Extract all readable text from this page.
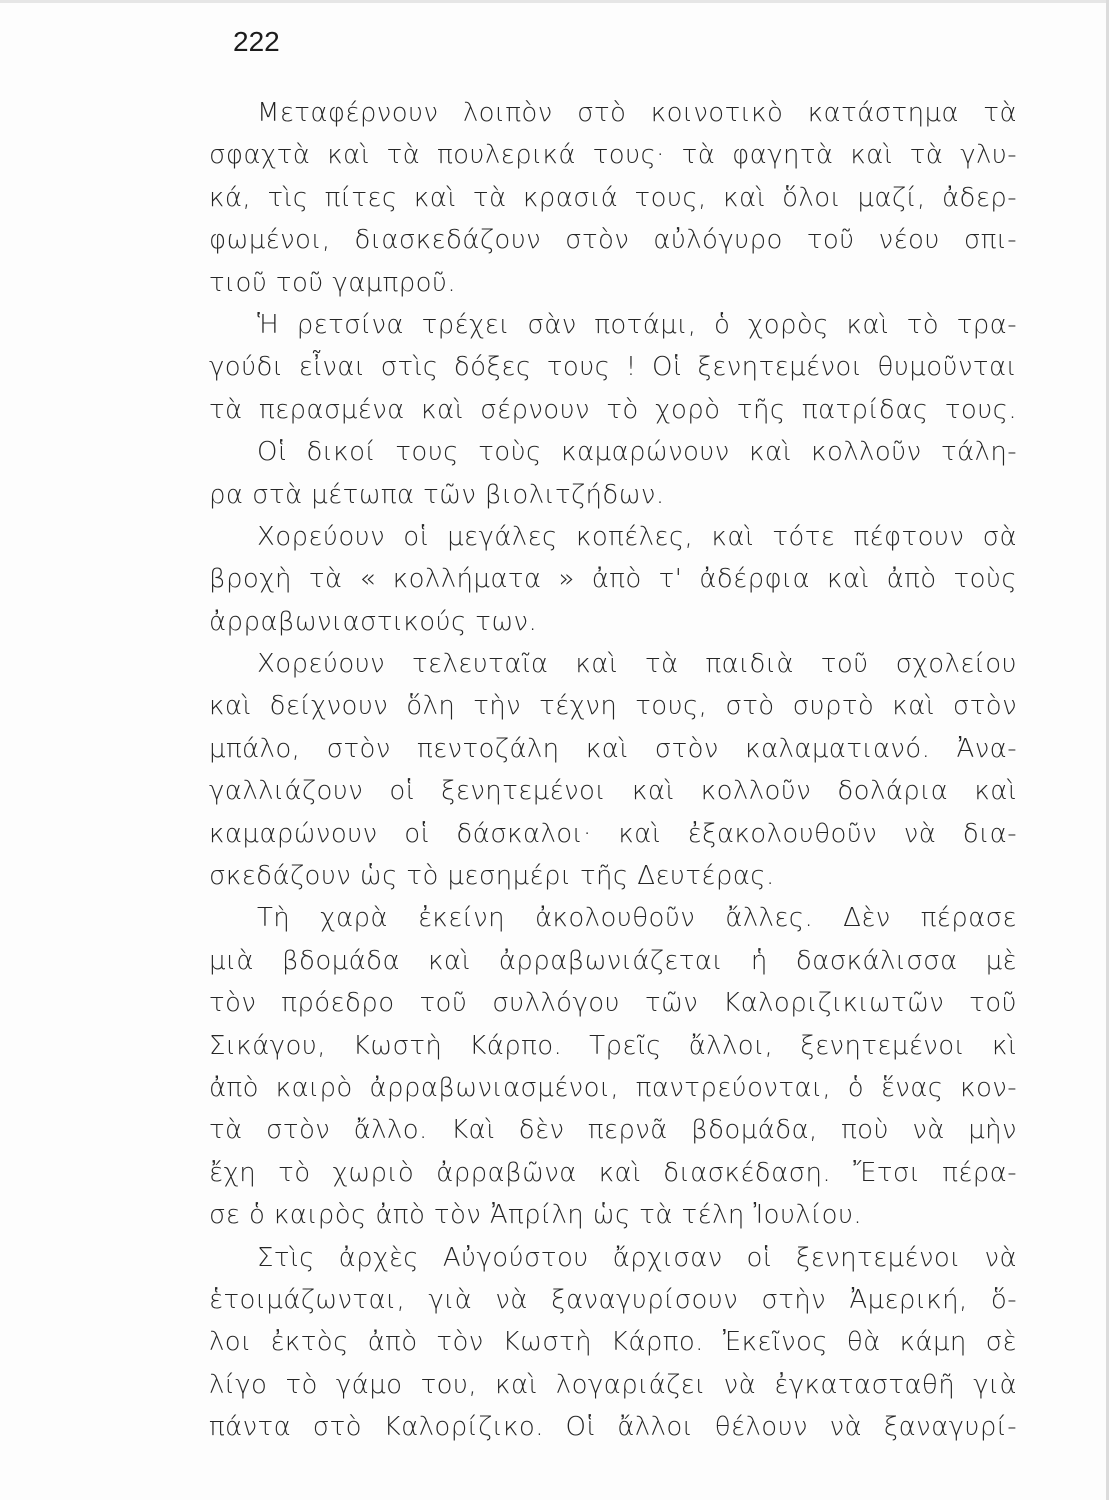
222
Μεταφέρνουν λοιπὸν στὸ κοινοτικὸ κατάστημα τὰ
σφαχτὰ καὶ τὰ πουλερικά τους· τὰ φαγητὰ καὶ τὰ γλυ-
κά, τὶς πίτες καὶ τὰ κρασιά τους, καὶ ὅλοι μαζί, ἀδερ-
φωμένοι, διασκεδάζουν στὸν αὐλόγυρο τοῦ νέου σπι-
τιοῦ τοῦ γαμπροῦ.
Ἡ ρετσίνα τρέχει σὰν ποτάμι, ὁ χορὸς καὶ τὸ τρα-
γούδι εἶναι στὶς δόξες τους ! Οἱ ξενητεμένοι θυμοῦνται
τὰ περασμένα καὶ σέρνουν τὸ χορὸ τῆς πατρίδας τους.
Οἱ δικοί τους τοὺς καμαρώνουν καὶ κολλοῦν τάλη-
ρα στὰ μέτωπα τῶν βιολιτζήδων.
Χορεύουν οἱ μεγάλες κοπέλες, καὶ τότε πέφτουν σὰ
βροχὴ τὰ « κολλήματα » ἀπὸ τ' ἀδέρφια καὶ ἀπὸ τοὺς
ἀρραβωνιαστικούς των.
Χορεύουν τελευταῖα καὶ τὰ παιδιὰ τοῦ σχολείου
καὶ δείχνουν ὅλη τὴν τέχνη τους, στὸ συρτὸ καὶ στὸν
μπάλο, στὸν πεντοζάλη καὶ στὸν καλαματιανό. Ἀνα-
γαλλιάζουν οἱ ξενητεμένοι καὶ κολλοῦν δολάρια καὶ
καμαρώνουν οἱ δάσκαλοι· καὶ ἐξακολουθοῦν νὰ δια-
σκεδάζουν ὡς τὸ μεσημέρι τῆς Δευτέρας.
Τὴ χαρὰ ἐκείνη ἀκολουθοῦν ἄλλες. Δὲν πέρασε
μιὰ βδομάδα καὶ ἀρραβωνιάζεται ἡ δασκάλισσα μὲ
τὸν πρόεδρο τοῦ συλλόγου τῶν Καλοριζικιωτῶν τοῦ
Σικάγου, Κωστὴ Κάρπο. Τρεῖς ἄλλοι, ξενητεμένοι κὶ
ἀπὸ καιρὸ ἀρραβωνιασμένοι, παντρεύονται, ὁ ἕνας κον-
τὰ στὸν ἄλλο. Καὶ δὲν περνᾶ βδομάδα, ποὺ νὰ μὴν
ἔχη τὸ χωριὸ ἀρραβῶνα καὶ διασκέδαση. Ἔτσι πέρα-
σε ὁ καιρὸς ἀπὸ τὸν Ἀπρίλη ὡς τὰ τέλη Ἰουλίου.
Στὶς ἀρχὲς Αὐγούστου ἄρχισαν οἱ ξενητεμένοι νὰ
ἑτοιμάζωνται, γιὰ νὰ ξαναγυρίσουν στὴν Ἀμερική, ὅ-
λοι ἐκτὸς ἀπὸ τὸν Κωστὴ Κάρπο. Ἐκεῖνος θὰ κάμη σὲ
λίγο τὸ γάμο του, καὶ λογαριάζει νὰ ἐγκατασταθῆ γιὰ
πάντα στὸ Καλορίζικο. Οἱ ἄλλοι θέλουν νὰ ξαναγυρί-
